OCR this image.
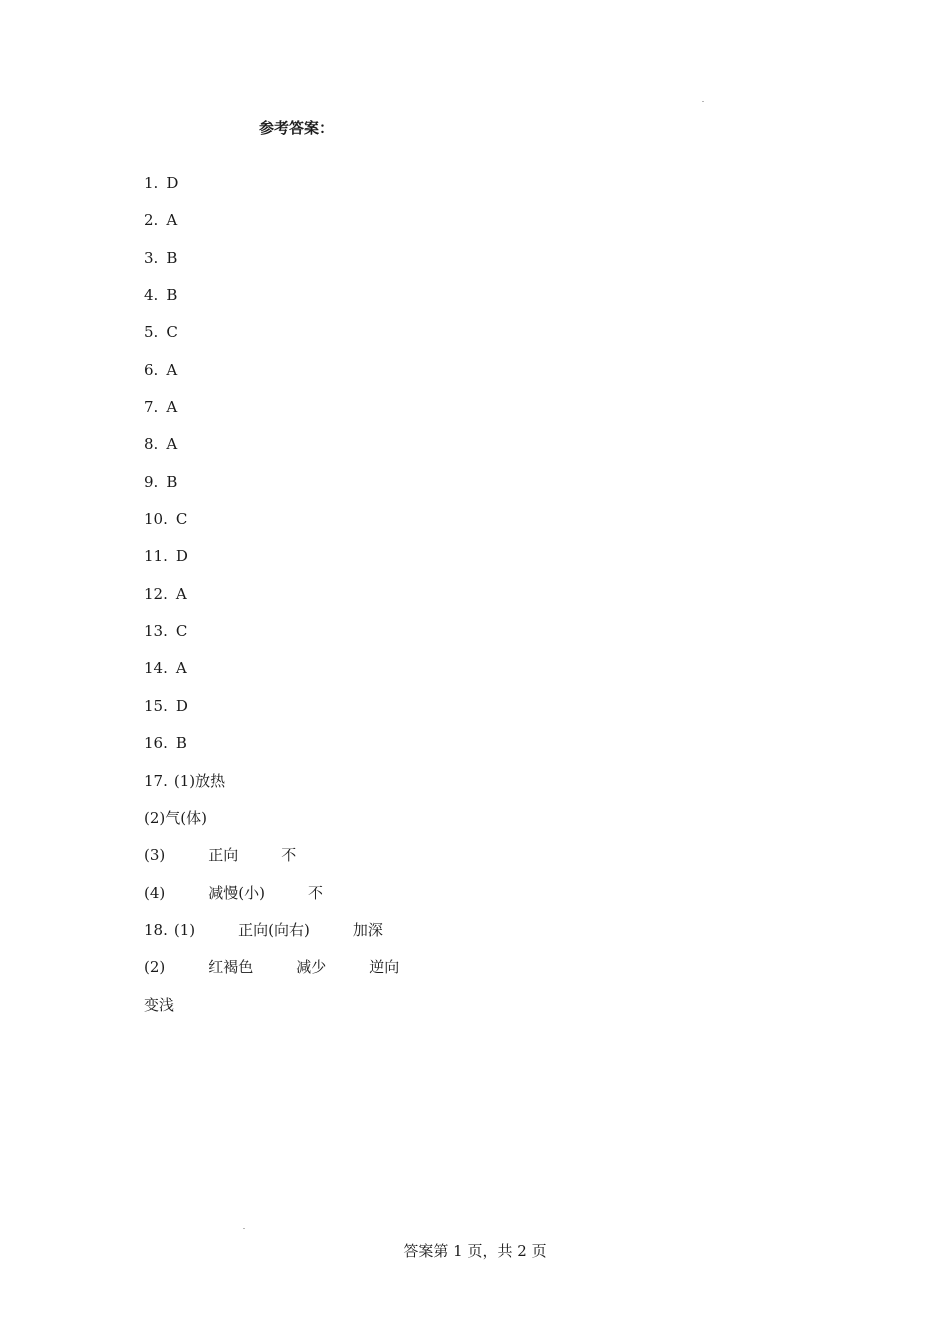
参考答案：
1. D
2. A
3. B
4. B
5. C
6. A
7. A
8. A
9. B
10. C
11. D
12. A
13. C
14. A
15. D
16. B
17. (1)放热
(2)气(体)
(3)	正向	不
(4)	减慢(小)	不
18. (1)	正向(向右)	加深
(2)	红褐色	减少	逆向
变浅
答案第 1 页，共 2 页
